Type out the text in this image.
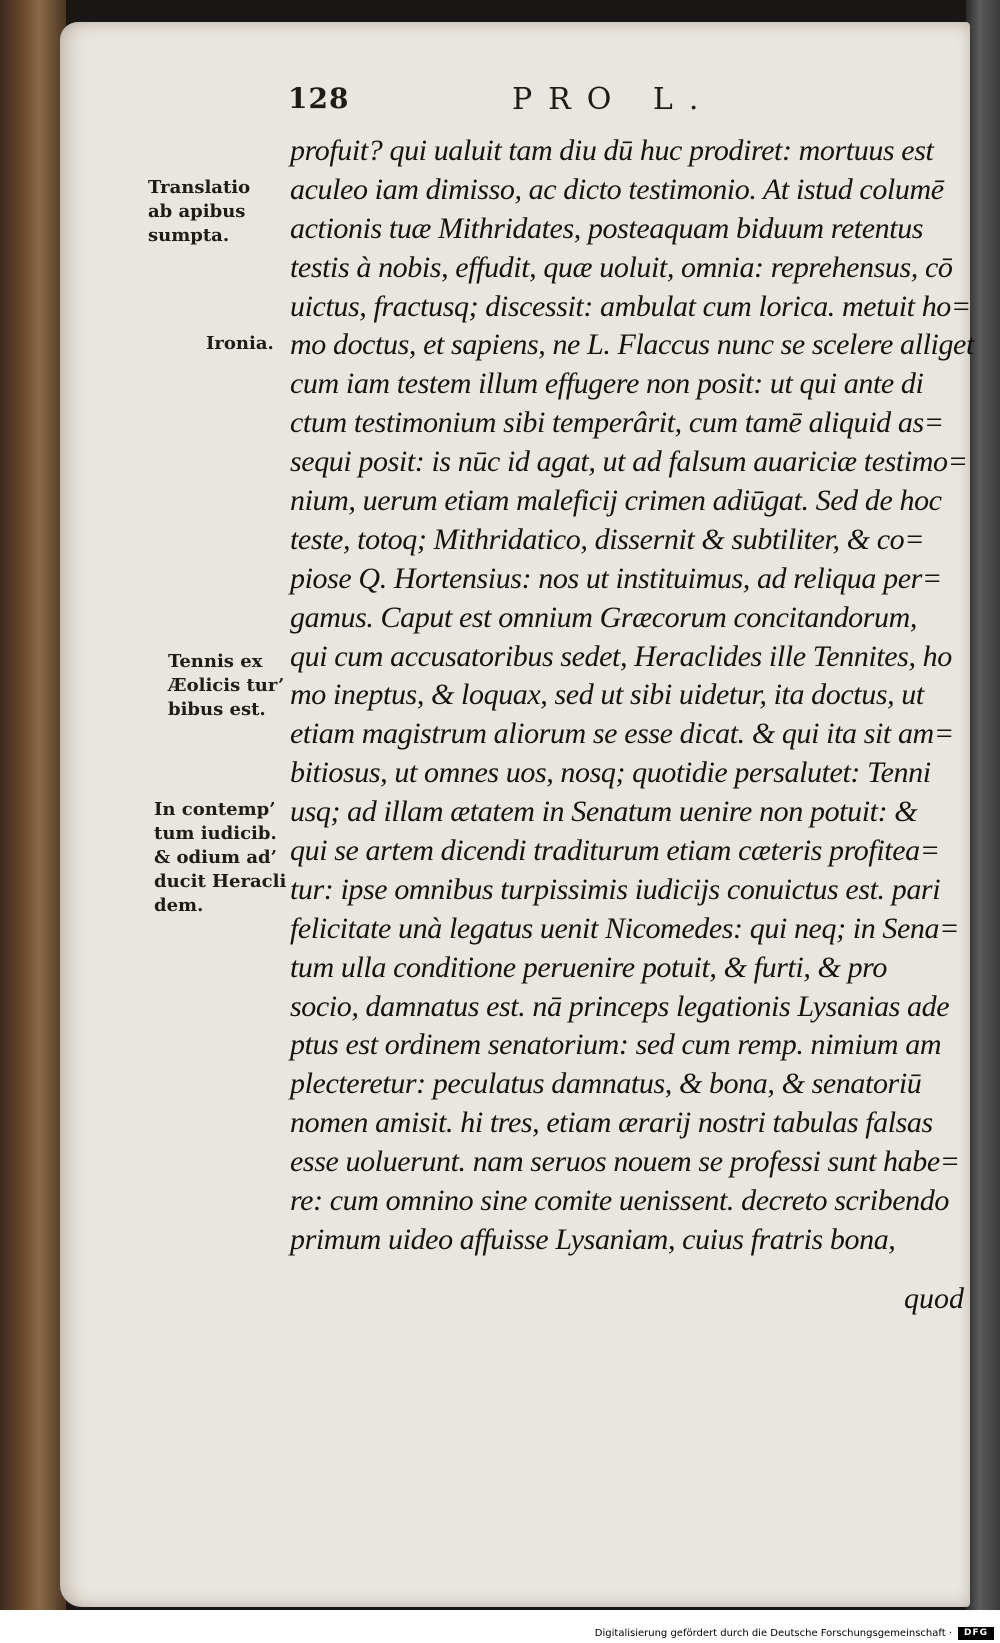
128	PRO L.
Translatio
ab apibus
sumpta.
Ironia.
Tennis ex
Æolicis tur’
bibus est.
In contemp’
tum iudicib.
& odium ad’
ducit Heracli
dem.
profuit? qui ualuit tam diu dū huc prodiret: mortuus est
aculeo iam dimisso, ac dicto testimonio. At istud columē
actionis tuæ Mithridates, posteaquam biduum retentus
testis à nobis, effudit, quæ uoluit, omnia: reprehensus, cō
uictus, fractusq; discessit: ambulat cum lorica. metuit ho=
mo doctus, et sapiens, ne L. Flaccus nunc se scelere alliget
cum iam testem illum effugere non posit: ut qui ante di
ctum testimonium sibi temperârit, cum tamē aliquid as=
sequi posit: is nūc id agat, ut ad falsum auariciæ testimo=
nium, uerum etiam maleficij crimen adiūgat. Sed de hoc
teste, totoq; Mithridatico, dissernit & subtiliter, & co=
piose Q. Hortensius: nos ut instituimus, ad reliqua per=
gamus. Caput est omnium Græcorum concitandorum,
qui cum accusatoribus sedet, Heraclides ille Tennites, ho
mo ineptus, & loquax, sed ut sibi uidetur, ita doctus, ut
etiam magistrum aliorum se esse dicat. & qui ita sit am=
bitiosus, ut omnes uos, nosq; quotidie persalutet: Tenni
usq; ad illam ætatem in Senatum uenire non potuit: &
qui se artem dicendi traditurum etiam cæteris profitea=
tur: ipse omnibus turpissimis iudicijs conuictus est. pari
felicitate unà legatus uenit Nicomedes: qui neq; in Sena=
tum ulla conditione peruenire potuit, & furti, & pro
socio, damnatus est. nā princeps legationis Lysanias ade
ptus est ordinem senatorium: sed cum remp. nimium am
plecteretur: peculatus damnatus, & bona, & senatoriū
nomen amisit. hi tres, etiam ærarij nostri tabulas falsas
esse uoluerunt. nam seruos nouem se professi sunt habe=
re: cum omnino sine comite uenissent. decreto scribendo
primum uideo affuisse Lysaniam, cuius fratris bona,
quod
Digitalisierung gefördert durch die Deutsche Forschungsgemeinschaft ·	DFG
